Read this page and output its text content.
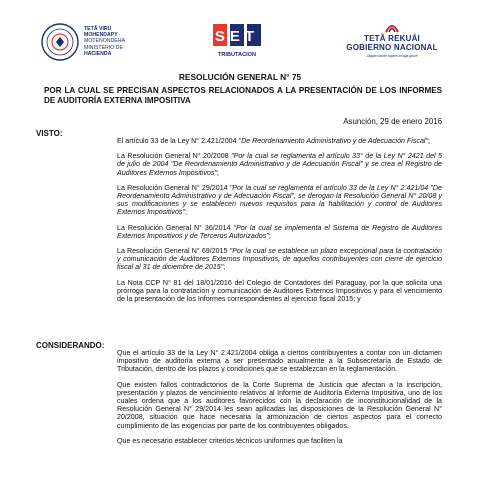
TETÃ VIRU
MOHENDAPY
MOTENONDEHA
MINISTERIO DE
HACIENDA
SET
TRIBUTACION
TETÃ REKUÁI
GOBIERNO NACIONAL
Jajapo nande rapére ko'ága guive
RESOLUCIÓN GENERAL N° 75
POR LA CUAL SE PRECISAN ASPECTOS RELACIONADOS A LA PRESENTACIÓN DE LOS INFORMES DE AUDITORÍA EXTERNA IMPOSITIVA
Asunción, 29 de enero 2016
VISTO:

El artículo 33 de la Ley N° 2.421/2004 "De Reordenamiento Administrativo y de Adecuación Fiscal";

La Resolución General N° 20/2008 "Por la cual se reglamenta el artículo 33° de la Ley N° 2421 del 5 de julio de 2004 "De Reordenamiento Administrativo y de Adecuación Fiscal" y se crea el Registro de Auditores Externos Impositivos";

La Resolución General N° 29/2014 "Por la cual se reglamenta el artículo 33 de la Ley N° 2.421/04 "De Reordenamiento Administrativo y de Adecuación Fiscal", se derogan la Resolución General N° 20/08 y sus modificaciones y se establecen nuevos requisitos para la habilitación y control de Auditores Externos Impositivos";

La Resolución General N° 36/2014 "Por la cual se implementa el Sistema de Registro de Auditores Externos Impositivos y de Terceros Autorizados";

La Resolución General N° 69/2015 "Por la cual se establece un plazo excepcional para la contratación y comunicación de Auditores Externos Impositivos, de aquellos contribuyentes con cierre de ejercicio fiscal al 31 de diciembre de 2015";

La Nota CCP N° 81 del 18/01/2016 del Colegio de Contadores del Paraguay, por la que solicita una prórroga para la contratación y comunicación de Auditores Externos Impositivos y para el vencimiento de la presentación de los Informes correspondientes al ejercicio fiscal 2015; y

CONSIDERANDO:

Que el artículo 33 de la Ley N° 2.421/2004 obliga a ciertos contribuyentes a contar con un dictamen impositivo de auditoría externa a ser presentado anualmente a la Subsecretaría de Estado de Tributación, dentro de los plazos y condiciones que se establezcan en la reglamentación.

Que existen fallos contradictorios de la Corte Suprema de Justicia que afectan a la inscripción, presentación y plazos de vencimiento relativos al Informe de Auditoría Externa Impositiva, uno de los cuales ordena que a los auditores favorecidos con la declaración de inconstitucionalidad de la Resolución General N° 29/2014 les sean aplicadas las disposiciones de la Resolución General N° 20/2008, situación que hace necesaria la armonización de ciertos aspectos para el correcto cumplimiento de las exigencias por parte de los contribuyentes obligados.

Que es necesario establecer criterios técnicos uniformes que faciliten la
